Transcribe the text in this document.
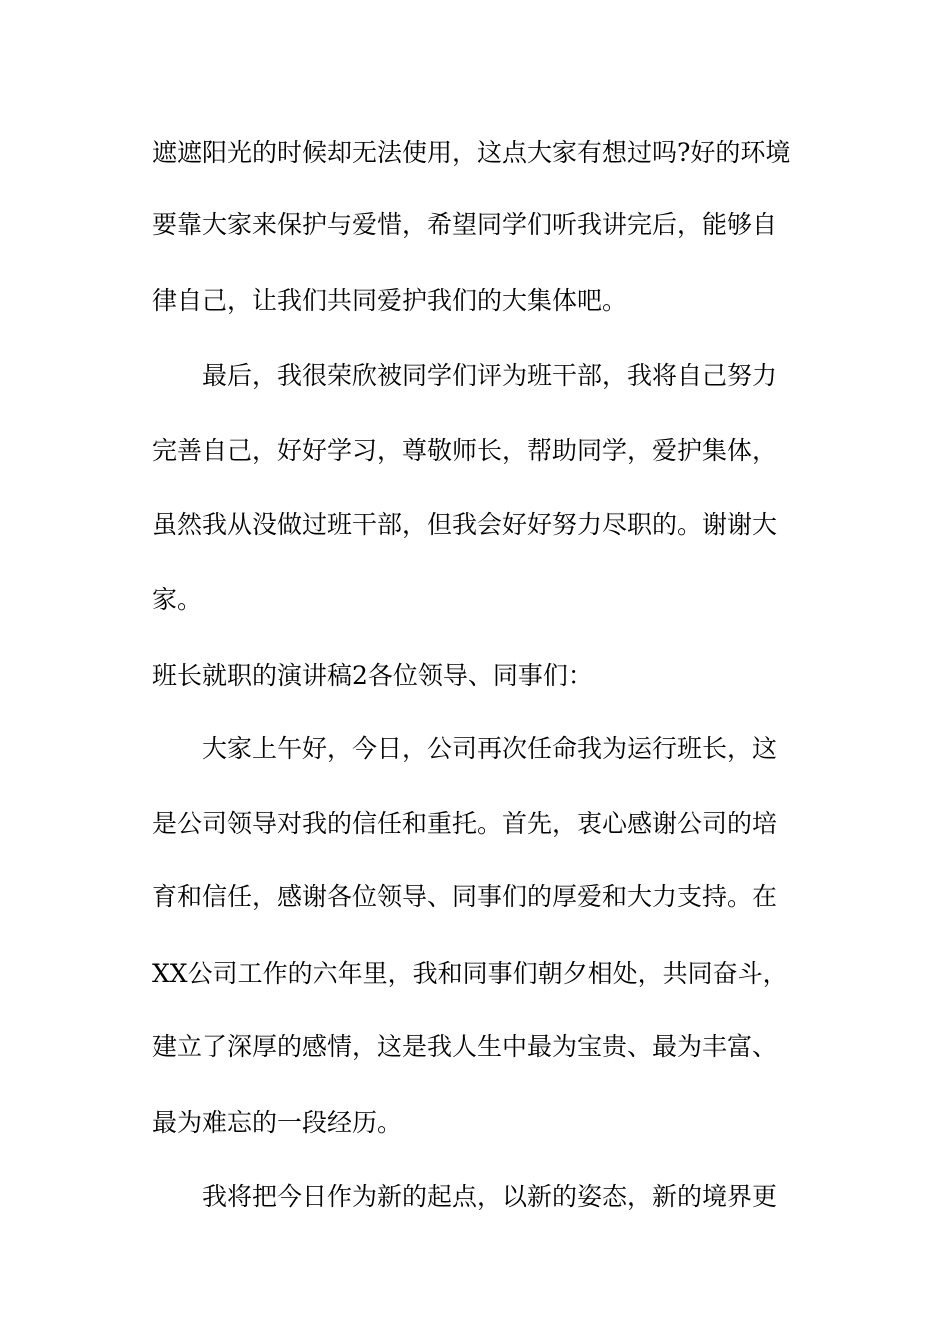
遮遮阳光的时候却无法使用，这点大家有想过吗?好的环境
要靠大家来保护与爱惜，希望同学们听我讲完后，能够自
律自己，让我们共同爱护我们的大集体吧。
最后，我很荣欣被同学们评为班干部，我将自己努力
完善自己，好好学习，尊敬师长，帮助同学，爱护集体，
虽然我从没做过班干部，但我会好好努力尽职的。谢谢大
家。
班长就职的演讲稿2各位领导、同事们：
大家上午好，今日，公司再次任命我为运行班长，这
是公司领导对我的信任和重托。首先，衷心感谢公司的培
育和信任，感谢各位领导、同事们的厚爱和大力支持。在
XX公司工作的六年里，我和同事们朝夕相处，共同奋斗，
建立了深厚的感情，这是我人生中最为宝贵、最为丰富、
最为难忘的一段经历。
我将把今日作为新的起点，以新的姿态，新的境界更
